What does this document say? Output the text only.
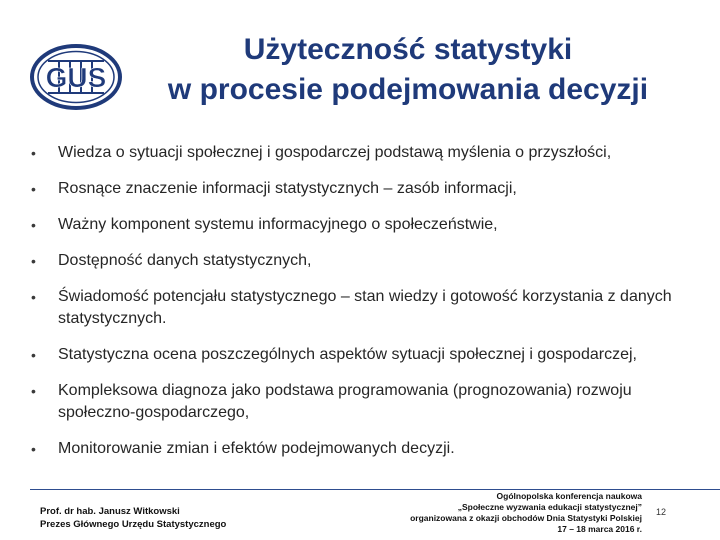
GUS
Użyteczność statystyki
w procesie podejmowania decyzji
• Wiedza o sytuacji społecznej i gospodarczej podstawą myślenia o przyszłości,
• Rosnące znaczenie informacji statystycznych – zasób informacji,
• Ważny komponent systemu informacyjnego o społeczeństwie,
• Dostępność danych statystycznych,
• Świadomość potencjału statystycznego – stan wiedzy i gotowość korzystania z danych statystycznych.
• Statystyczna ocena poszczególnych aspektów sytuacji społecznej i gospodarczej,
• Kompleksowa diagnoza jako podstawa programowania (prognozowania) rozwoju społeczno-gospodarczego,
• Monitorowanie zmian i efektów podejmowanych decyzji.
Prof. dr hab. Janusz Witkowski
Prezes Głównego Urzędu Statystycznego
Ogólnopolska konferencja naukowa
„Społeczne wyzwania edukacji statystycznej”
organizowana z okazji obchodów Dnia Statystyki Polskiej
17 – 18 marca 2016 r.
12
